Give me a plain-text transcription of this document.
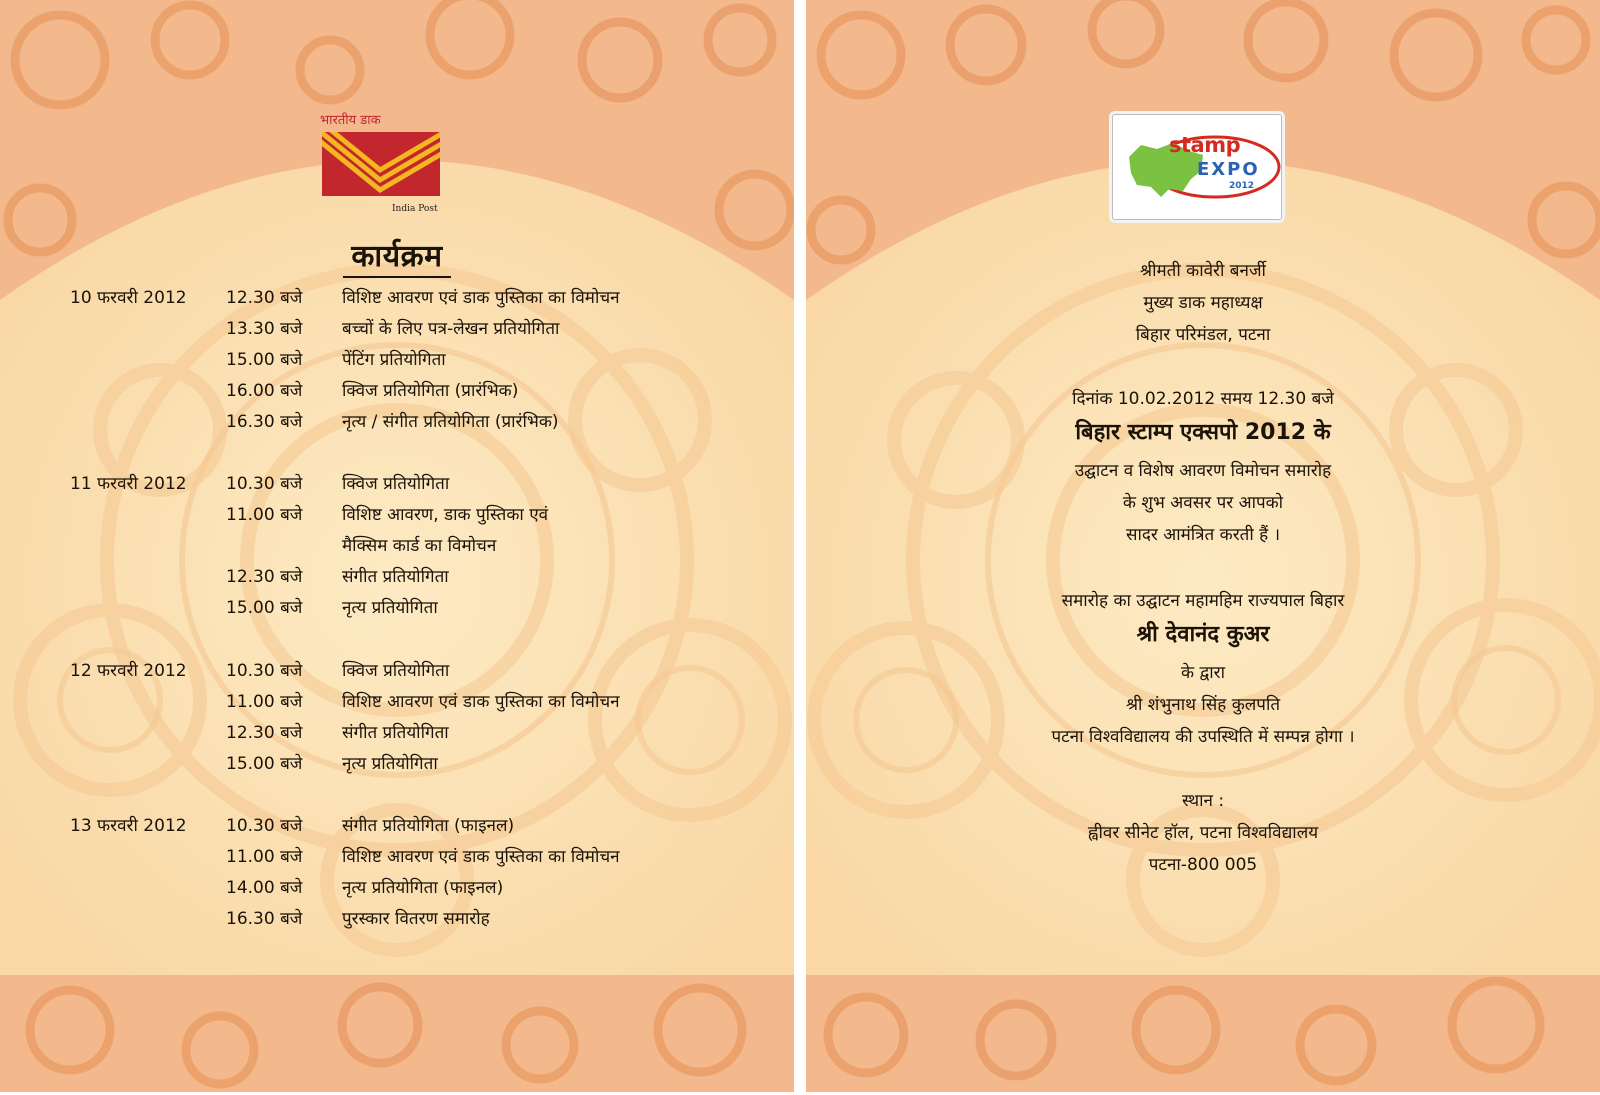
भारतीय डाक
India Post
कार्यक्रम
10 फरवरी 2012 12.30 बजे विशिष्ट आवरण एवं डाक पुस्तिका का विमोचन
13.30 बजे बच्चों के लिए पत्र-लेखन प्रतियोगिता
15.00 बजे पेंटिंग प्रतियोगिता
16.00 बजे क्विज प्रतियोगिता (प्रारंभिक)
16.30 बजे नृत्य / संगीत प्रतियोगिता (प्रारंभिक)
11 फरवरी 2012 10.30 बजे क्विज प्रतियोगिता
11.00 बजे विशिष्ट आवरण, डाक पुस्तिका एवं
मैक्सिम कार्ड का विमोचन
12.30 बजे संगीत प्रतियोगिता
15.00 बजे नृत्य प्रतियोगिता
12 फरवरी 2012 10.30 बजे क्विज प्रतियोगिता
11.00 बजे विशिष्ट आवरण एवं डाक पुस्तिका का विमोचन
12.30 बजे संगीत प्रतियोगिता
15.00 बजे नृत्य प्रतियोगिता
13 फरवरी 2012 10.30 बजे संगीत प्रतियोगिता (फाइनल)
11.00 बजे विशिष्ट आवरण एवं डाक पुस्तिका का विमोचन
14.00 बजे नृत्य प्रतियोगिता (फाइनल)
16.30 बजे पुरस्कार वितरण समारोह
stamp
EXPO
2012
श्रीमती कावेरी बनर्जी
मुख्य डाक महाध्यक्ष
बिहार परिमंडल, पटना
दिनांक 10.02.2012 समय 12.30 बजे
बिहार स्टाम्प एक्सपो 2012 के
उद्घाटन व विशेष आवरण विमोचन समारोह
के शुभ अवसर पर आपको
सादर आमंत्रित करती हैं ।
समारोह का उद्घाटन महामहिम राज्यपाल बिहार
श्री देवानंद कुअर
के द्वारा
श्री शंभुनाथ सिंह कुलपति
पटना विश्वविद्यालय की उपस्थिति में सम्पन्न होगा ।
स्थान :
ह्वीवर सीनेट हॉल, पटना विश्वविद्यालय
पटना-800 005
